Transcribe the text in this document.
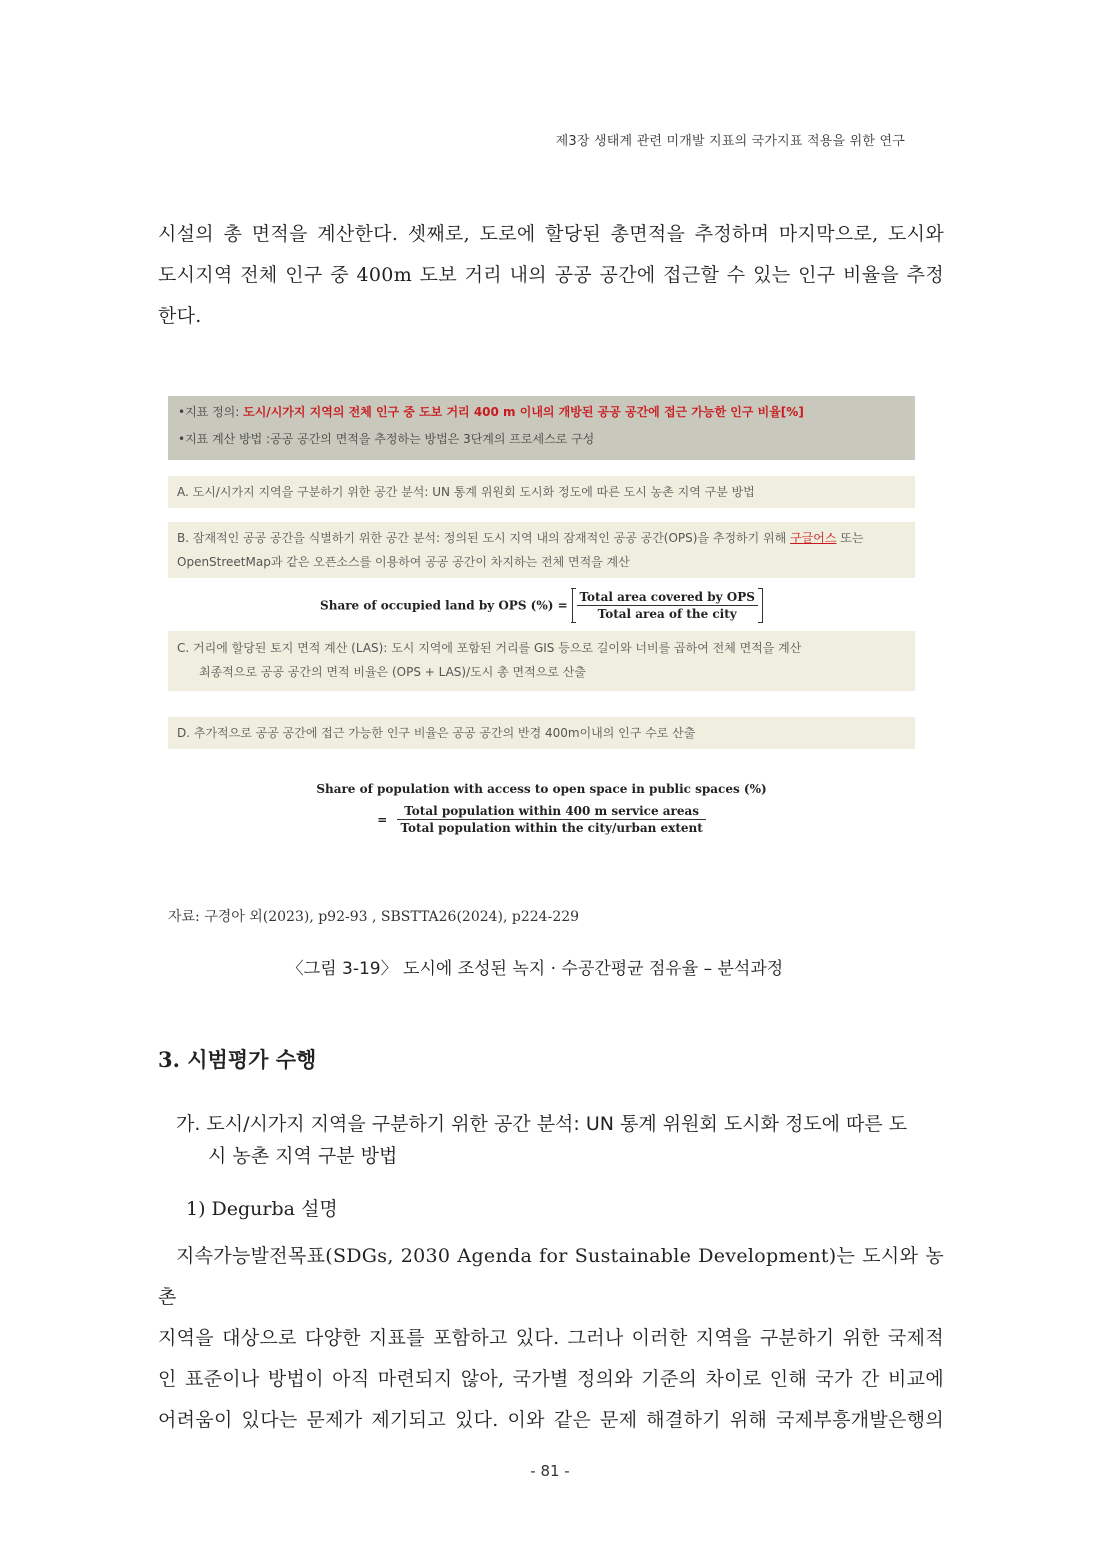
제3장 생태계 관련 미개발 지표의 국가지표 적용을 위한 연구
시설의 총 면적을 계산한다. 셋째로, 도로에 할당된 총면적을 추정하며 마지막으로, 도시와
도시지역 전체 인구 중 400m 도보 거리 내의 공공 공간에 접근할 수 있는 인구 비율을 추정
한다.
•지표 정의: 도시/시가지 지역의 전체 인구 중 도보 거리 400 m 이내의 개방된 공공 공간에 접근 가능한 인구 비율[%]
•지표 계산 방법 :공공 공간의 면적을 추정하는 방법은 3단계의 프로세스로 구성
A. 도시/시가지 지역을 구분하기 위한 공간 분석: UN 통계 위원회 도시화 정도에 따른 도시 농촌 지역 구분 방법
B. 잠재적인 공공 공간을 식별하기 위한 공간 분석: 정의된 도시 지역 내의 잠재적인 공공 공간(OPS)을 추정하기 위해 구글어스 또는
OpenStreetMap과 같은 오픈소스를 이용하여 공공 공간이 차지하는 전체 면적을 계산
Share of occupied land by OPS (%) = $\frac{\text{Total area covered by OPS}}{\text{Total area of the city}}$
C. 거리에 할당된 토지 면적 계산 (LAS): 도시 지역에 포함된 거리를 GIS 등으로 길이와 너비를 곱하여 전체 면적을 계산
최종적으로 공공 공간의 면적 비율은 (OPS + LAS)/도시 총 면적으로 산출
D. 추가적으로 공공 공간에 접근 가능한 인구 비율은 공공 공간의 반경 400m이내의 인구 수로 산출
Share of population with access to open space in public spaces (%)
= $\frac{\text{Total population within 400 m service areas}}{\text{Total population within the city/urban extent}}$
자료: 구경아 외(2023), p92-93 , SBSTTA26(2024), p224-229
〈그림 3-19〉 도시에 조성된 녹지 · 수공간평균 점유율 – 분석과정
3. 시범평가 수행
가. 도시/시가지 지역을 구분하기 위한 공간 분석: UN 통계 위원회 도시화 정도에 따른 도
시 농촌 지역 구분 방법
1) Degurba 설명
지속가능발전목표(SDGs, 2030 Agenda for Sustainable Development)는 도시와 농촌
지역을 대상으로 다양한 지표를 포함하고 있다. 그러나 이러한 지역을 구분하기 위한 국제적
인 표준이나 방법이 아직 마련되지 않아, 국가별 정의와 기준의 차이로 인해 국가 간 비교에
어려움이 있다는 문제가 제기되고 있다. 이와 같은 문제 해결하기 위해 국제부흥개발은행의
- 81 -
